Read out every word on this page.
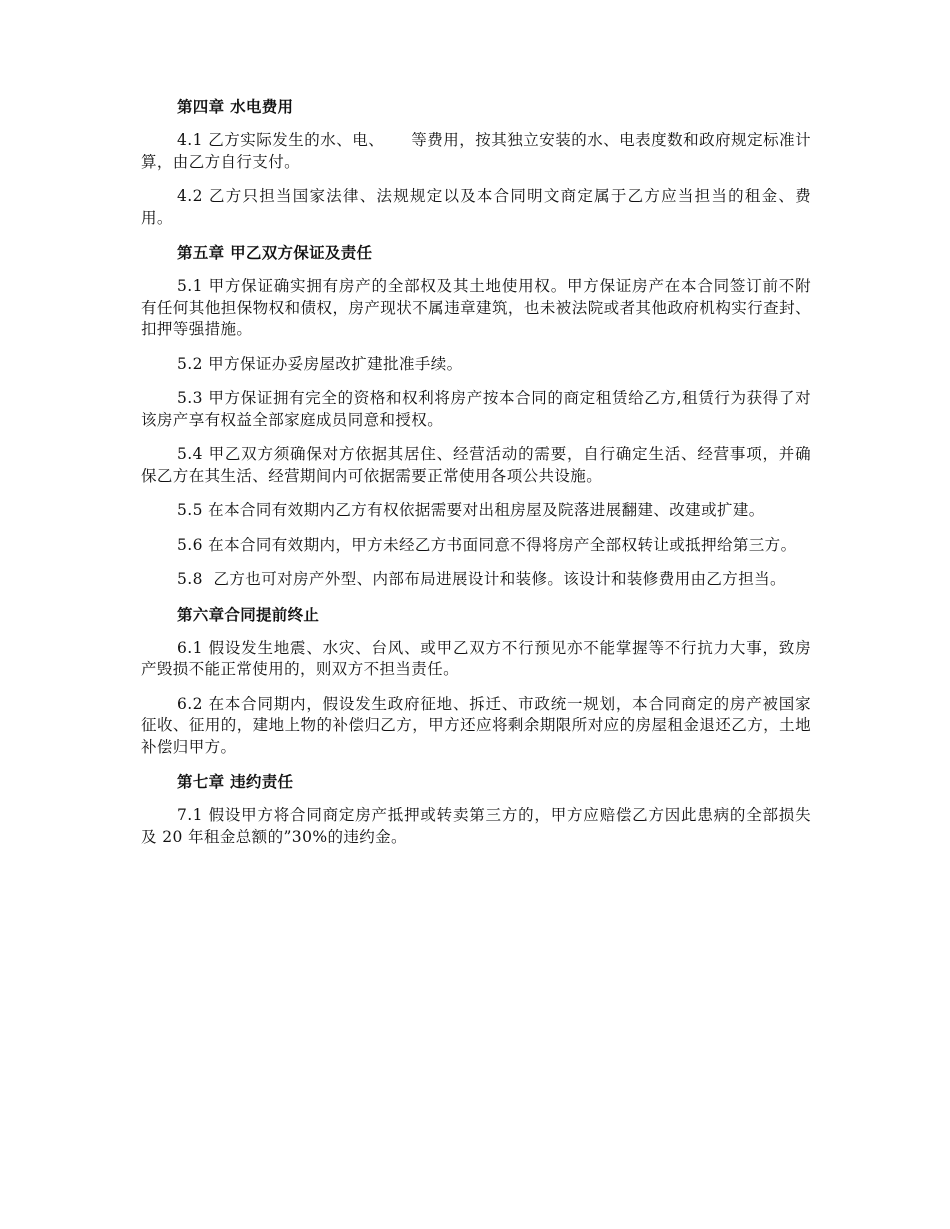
第四章 水电费用

4.1 乙方实际发生的水、电、     等费用，按其独立安装的水、电表度数和政府规定标准计算，由乙方自行支付。

4.2 乙方只担当国家法律、法规规定以及本合同明文商定属于乙方应当担当的租金、费用。

第五章 甲乙双方保证及责任

5.1 甲方保证确实拥有房产的全部权及其土地使用权。甲方保证房产在本合同签订前不附有任何其他担保物权和债权，房产现状不属违章建筑，也未被法院或者其他政府机构实行查封、扣押等强措施。

5.2 甲方保证办妥房屋改扩建批准手续。

5.3 甲方保证拥有完全的资格和权利将房产按本合同的商定租赁给乙方,租赁行为获得了对该房产享有权益全部家庭成员同意和授权。

5.4 甲乙双方须确保对方依据其居住、经营活动的需要，自行确定生活、经营事项，并确保乙方在其生活、经营期间内可依据需要正常使用各项公共设施。

5.5 在本合同有效期内乙方有权依据需要对出租房屋及院落进展翻建、改建或扩建。

5.6 在本合同有效期内，甲方未经乙方书面同意不得将房产全部权转让或抵押给第三方。

5.8  乙方也可对房产外型、内部布局进展设计和装修。该设计和装修费用由乙方担当。

第六章合同提前终止

6.1 假设发生地震、水灾、台风、或甲乙双方不行预见亦不能掌握等不行抗力大事，致房产毁损不能正常使用的，则双方不担当责任。

6.2 在本合同期内，假设发生政府征地、拆迁、市政统一规划，本合同商定的房产被国家征收、征用的，建地上物的补偿归乙方，甲方还应将剩余期限所对应的房屋租金退还乙方，土地补偿归甲方。

第七章 违约责任

7.1 假设甲方将合同商定房产抵押或转卖第三方的，甲方应赔偿乙方因此患病的全部损失及 20 年租金总额的”30%的违约金。
